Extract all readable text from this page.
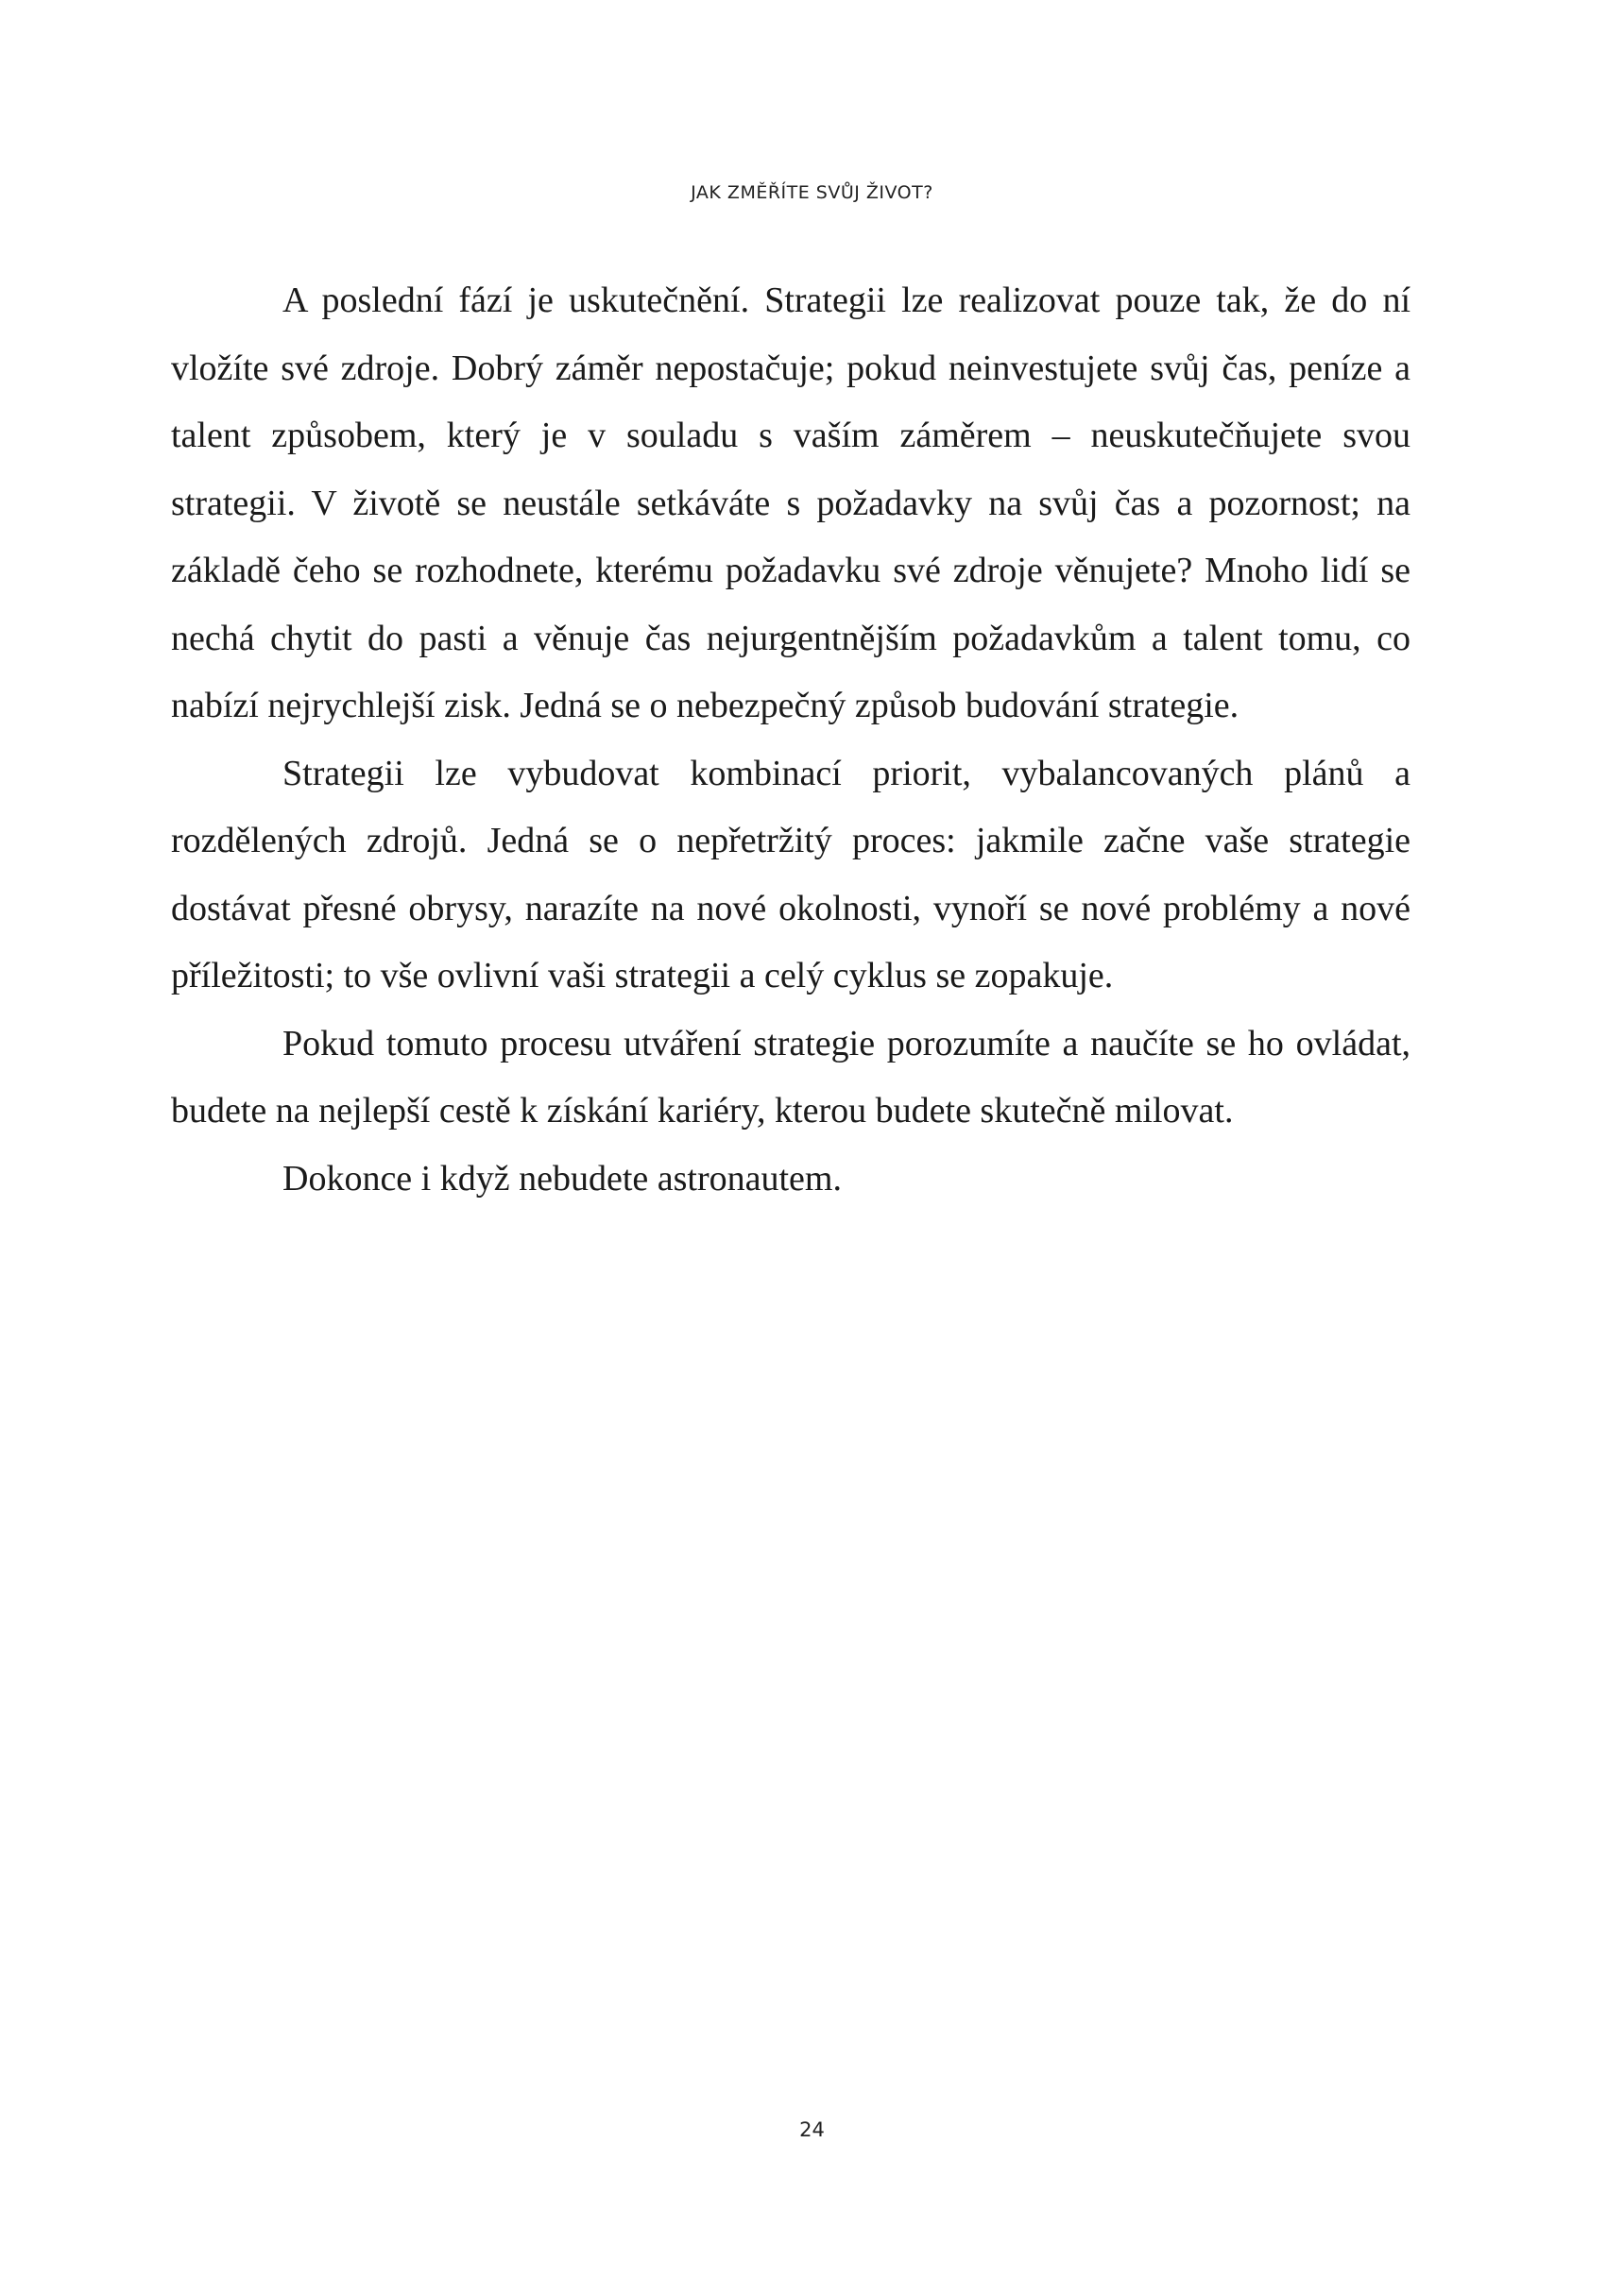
JAK ZMĚŘÍTE SVŮJ ŽIVOT?

A poslední fází je uskutečnění. Strategii lze realizovat pouze tak, že do ní vložíte své zdroje. Dobrý záměr nepostačuje; pokud neinvestujete svůj čas, peníze a talent způsobem, který je v souladu s vaším záměrem – neuskutečňujete svou strategii. V životě se neustále setkáváte s požadavky na svůj čas a pozornost; na základě čeho se rozhodnete, kterému požadavku své zdroje věnujete? Mnoho lidí se nechá chytit do pasti a věnuje čas nejurgentnějším požadavkům a talent tomu, co nabízí nejrychlejší zisk. Jedná se o nebezpečný způsob budování strategie.

Strategii lze vybudovat kombinací priorit, vybalancovaných plánů a rozdělených zdrojů. Jedná se o nepřetržitý proces: jakmile začne vaše strategie dostávat přesné obrysy, narazíte na nové okolnosti, vynoří se nové problémy a nové příležitosti; to vše ovlivní vaši strategii a celý cyklus se zopakuje.

Pokud tomuto procesu utváření strategie porozumíte a naučíte se ho ovládat, budete na nejlepší cestě k získání kariéry, kterou budete skutečně milovat.

Dokonce i když nebudete astronautem.

24
